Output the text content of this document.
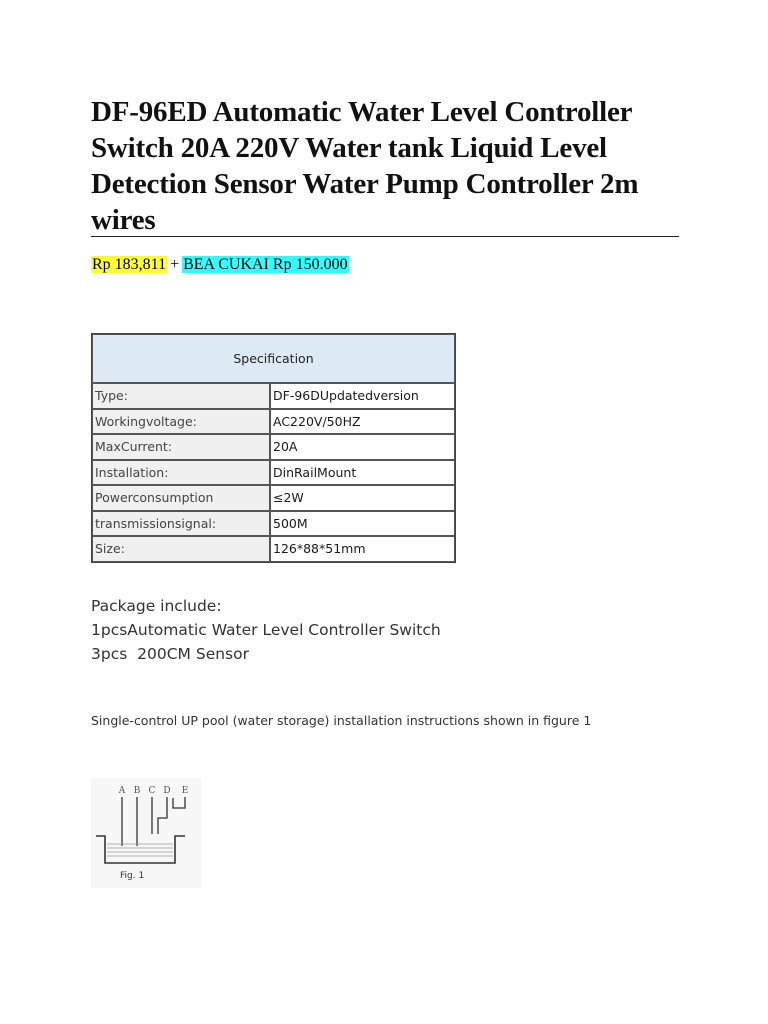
DF-96ED Automatic Water Level Controller Switch 20A 220V Water tank Liquid Level Detection Sensor Water Pump Controller 2m wires
Rp 183,811 + BEA CUKAI Rp 150.000
Specification	
Type:	DF-96DUpdatedversion
Workingvoltage:	AC220V/50HZ
MaxCurrent:	20A
Installation:	DinRailMount
Powerconsumption	≤2W
transmissionsignal:	500M
Size:	126*88*51mm
Package include:
1pcsAutomatic Water Level Controller Switch
3pcs  200CM Sensor
Single-control UP pool (water storage) installation instructions shown in figure 1
A B C D E
Fig. 1
